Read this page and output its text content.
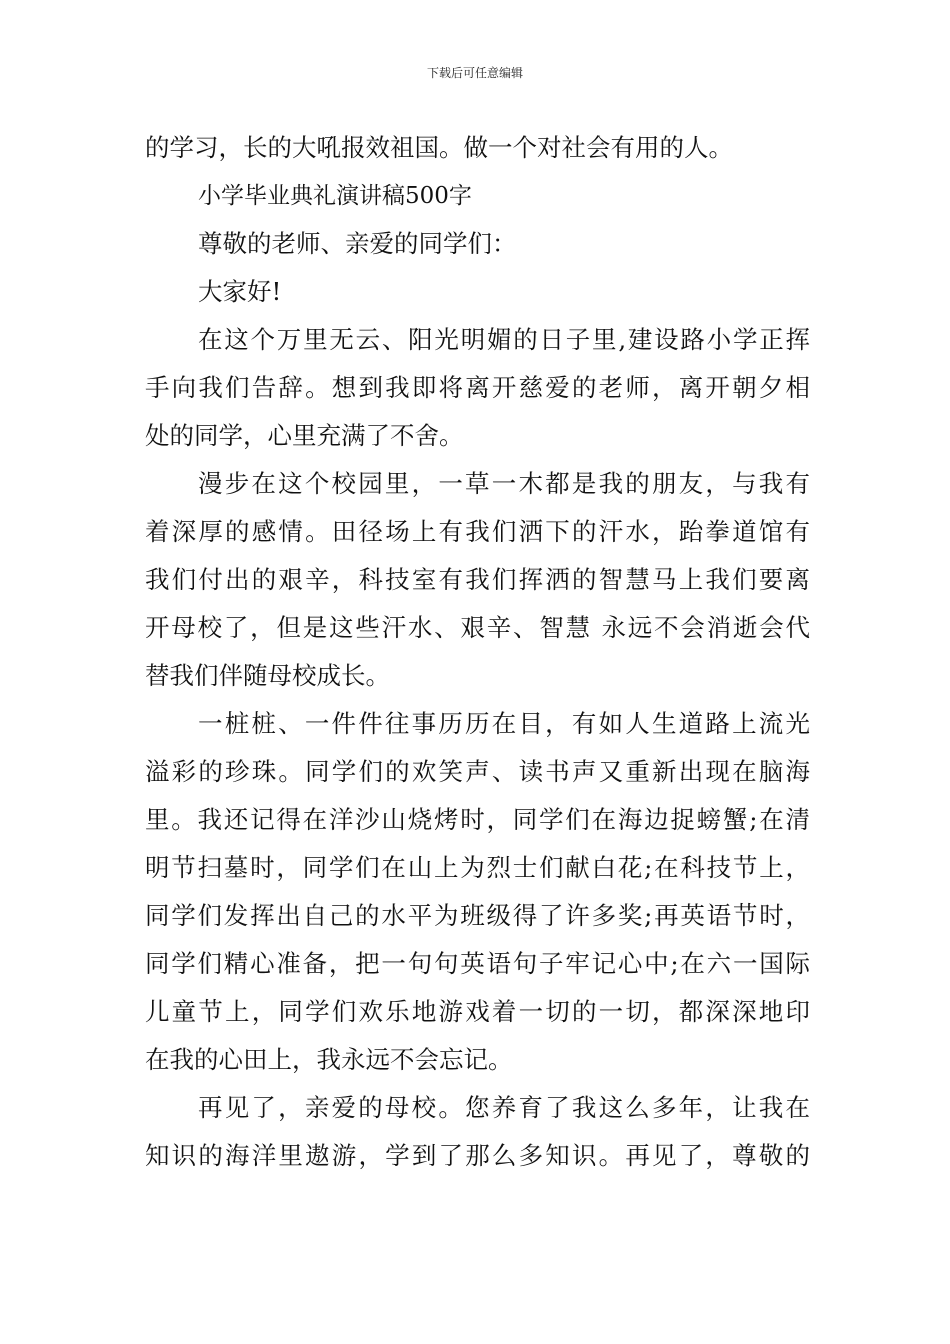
下载后可任意编辑
的学习，长的大吼报效祖国。做一个对社会有用的人。
小学毕业典礼演讲稿500字
尊敬的老师、亲爱的同学们：
大家好!
在这个万里无云、阳光明媚的日子里,建设路小学正挥
手向我们告辞。想到我即将离开慈爱的老师，离开朝夕相
处的同学，心里充满了不舍。
漫步在这个校园里，一草一木都是我的朋友，与我有
着深厚的感情。田径场上有我们洒下的汗水，跆拳道馆有
我们付出的艰辛，科技室有我们挥洒的智慧马上我们要离
开母校了，但是这些汗水、艰辛、智慧 永远不会消逝会代
替我们伴随母校成长。
一桩桩、一件件往事历历在目，有如人生道路上流光
溢彩的珍珠。同学们的欢笑声、读书声又重新出现在脑海
里。我还记得在洋沙山烧烤时，同学们在海边捉螃蟹;在清
明节扫墓时，同学们在山上为烈士们献白花;在科技节上，
同学们发挥出自己的水平为班级得了许多奖;再英语节时，
同学们精心准备，把一句句英语句子牢记心中;在六一国际
儿童节上，同学们欢乐地游戏着一切的一切，都深深地印
在我的心田上，我永远不会忘记。
再见了，亲爱的母校。您养育了我这么多年，让我在
知识的海洋里遨游，学到了那么多知识。再见了，尊敬的
